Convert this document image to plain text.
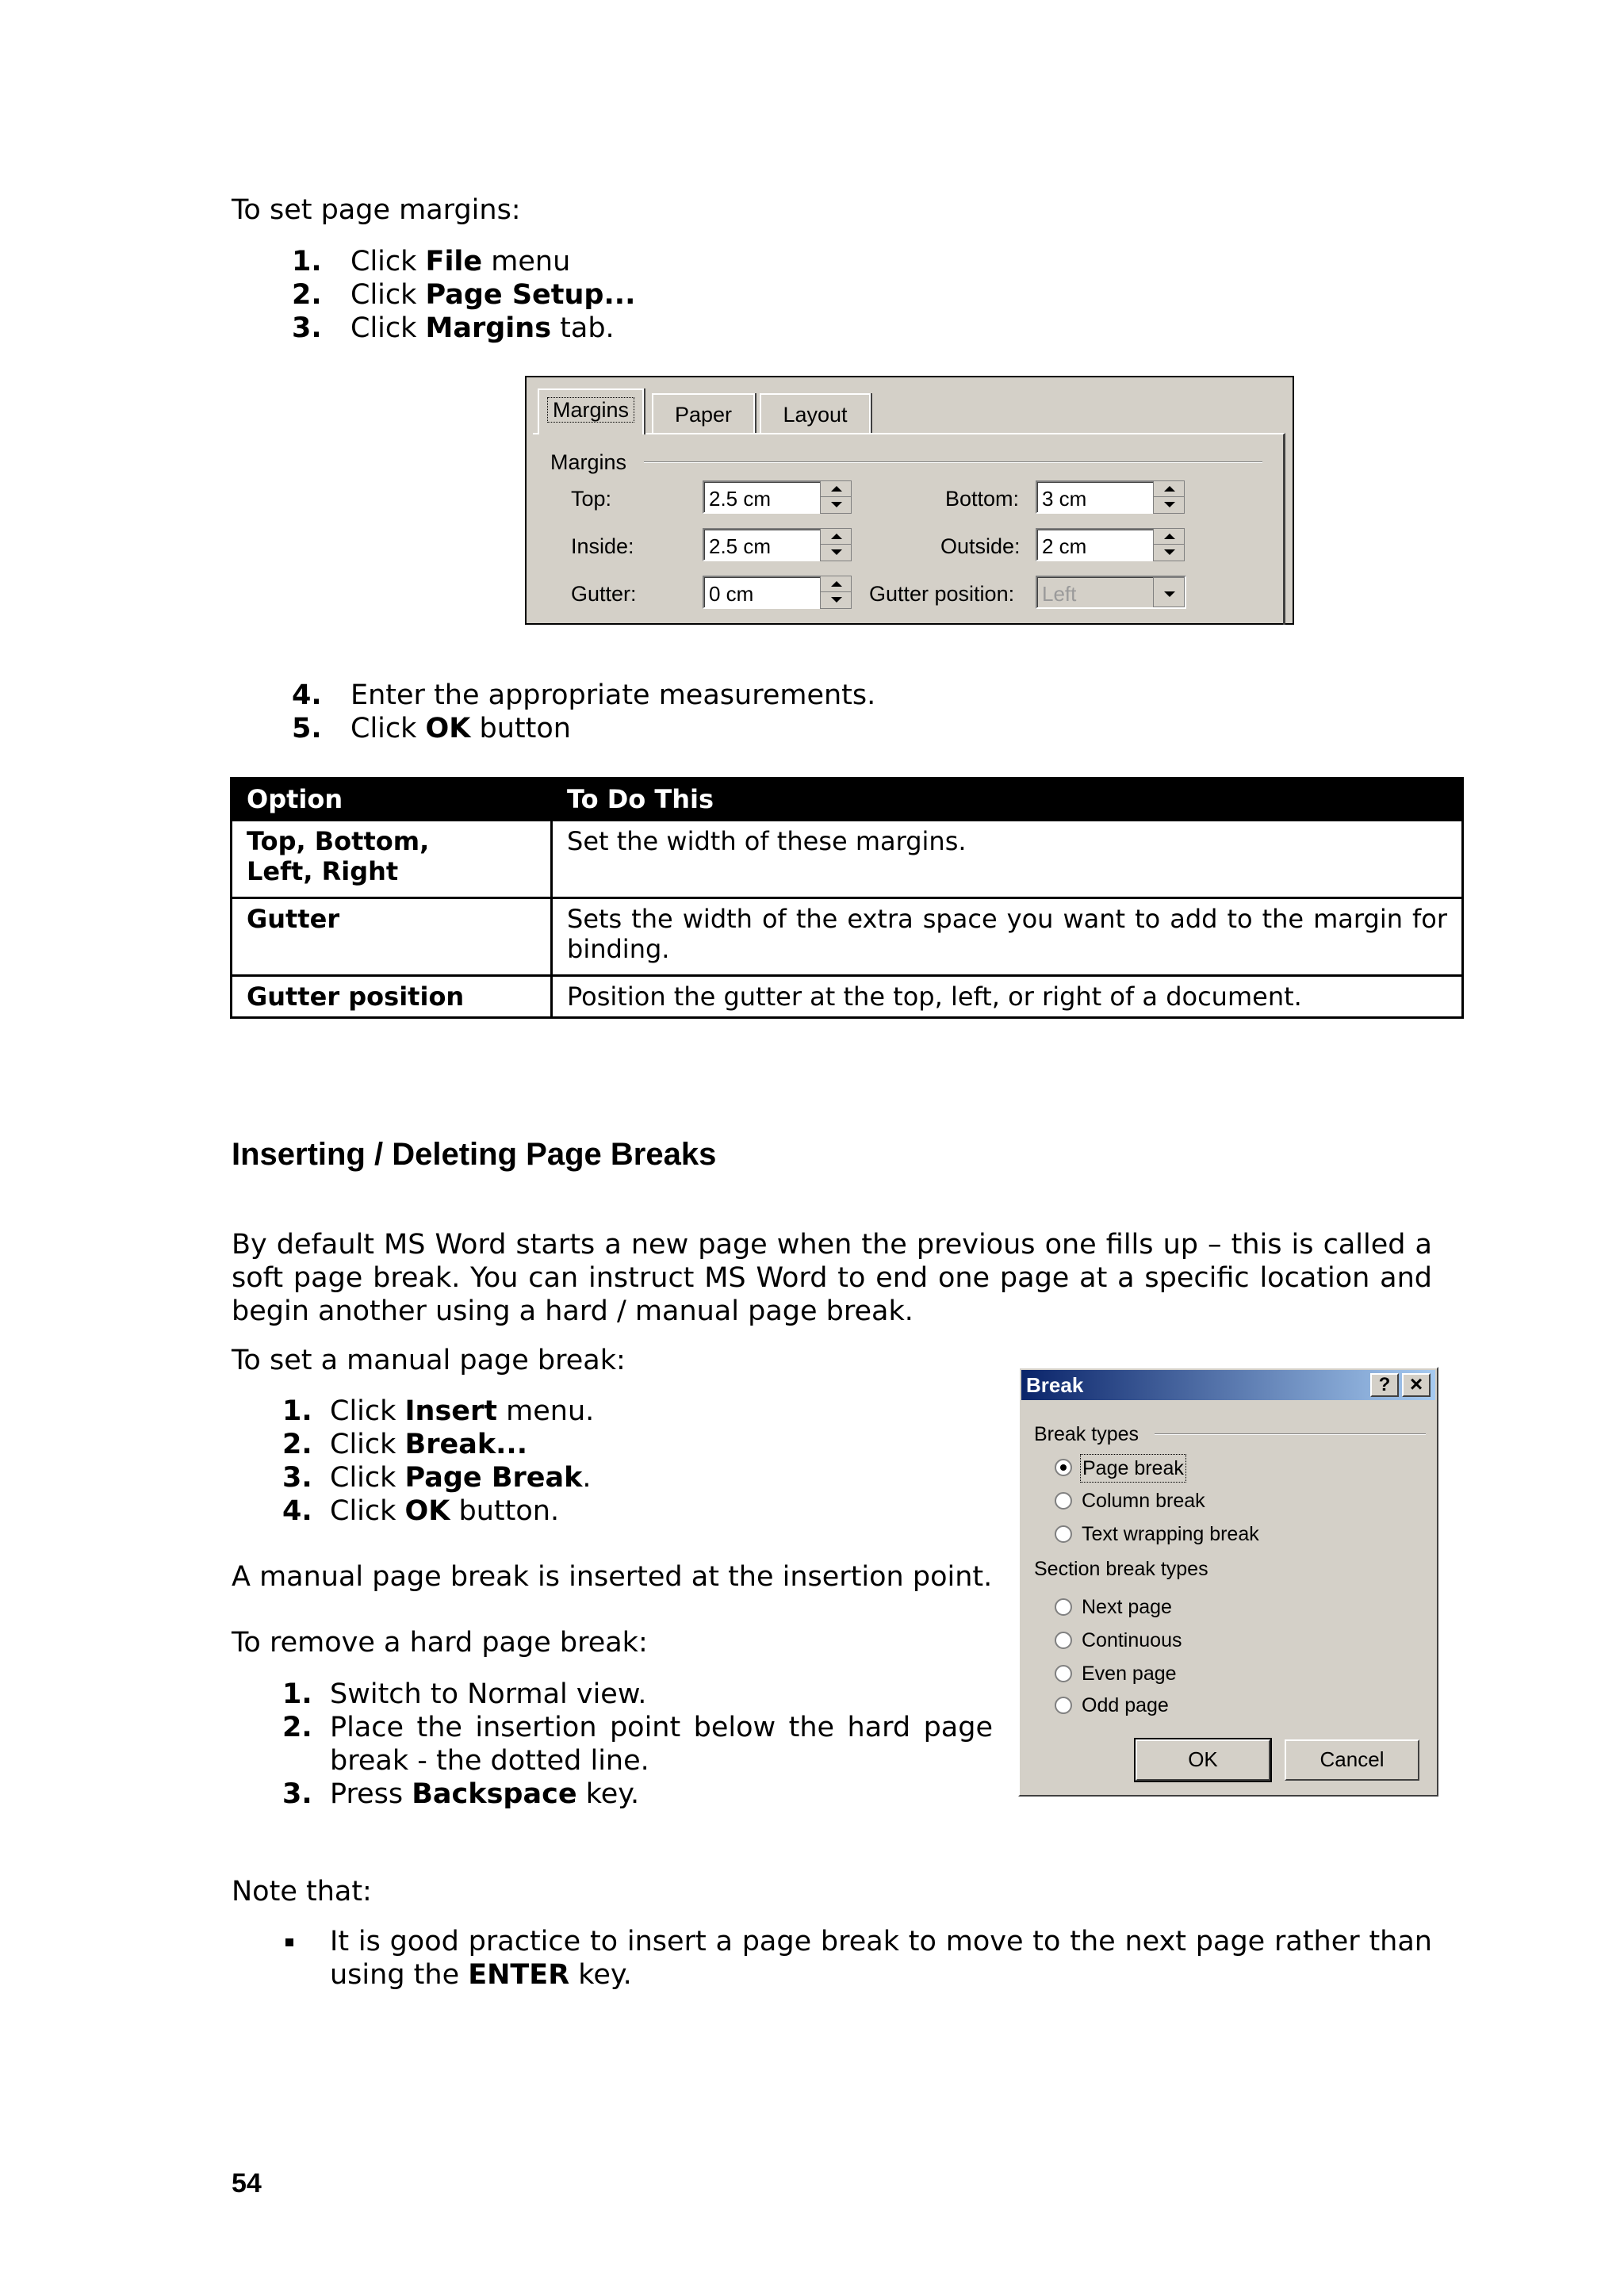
To set page margins:
1. Click File menu
2. Click Page Setup...
3. Click Margins tab.
Margins	Paper	Layout
Margins
Top:	2.5 cm	Bottom:	3 cm
Inside:	2.5 cm	Outside:	2 cm
Gutter:	0 cm	Gutter position:	Left
4. Enter the appropriate measurements.
5. Click OK button
Option	To Do This
Top, Bottom,
Left, Right	Set the width of these margins.
Gutter	Sets the width of the extra space you want to add to the margin for binding.
Gutter position	Position the gutter at the top, left, or right of a document.
Inserting / Deleting Page Breaks
By default MS Word starts a new page when the previous one fills up – this is called a soft page break. You can instruct MS Word to end one page at a specific location and begin another using a hard / manual page break.
To set a manual page break:
1. Click Insert menu.
2. Click Break...
3. Click Page Break.
4. Click OK button.
A manual page break is inserted at the insertion point.
To remove a hard page break:
1. Switch to Normal view.
2. Place the insertion point below the hard page break - the dotted line.
3. Press Backspace key.
Break	? ×
Break types
Page break
Column break
Text wrapping break
Section break types
Next page
Continuous
Even page
Odd page
OK	Cancel
Note that:
It is good practice to insert a page break to move to the next page rather than using the ENTER key.
54
